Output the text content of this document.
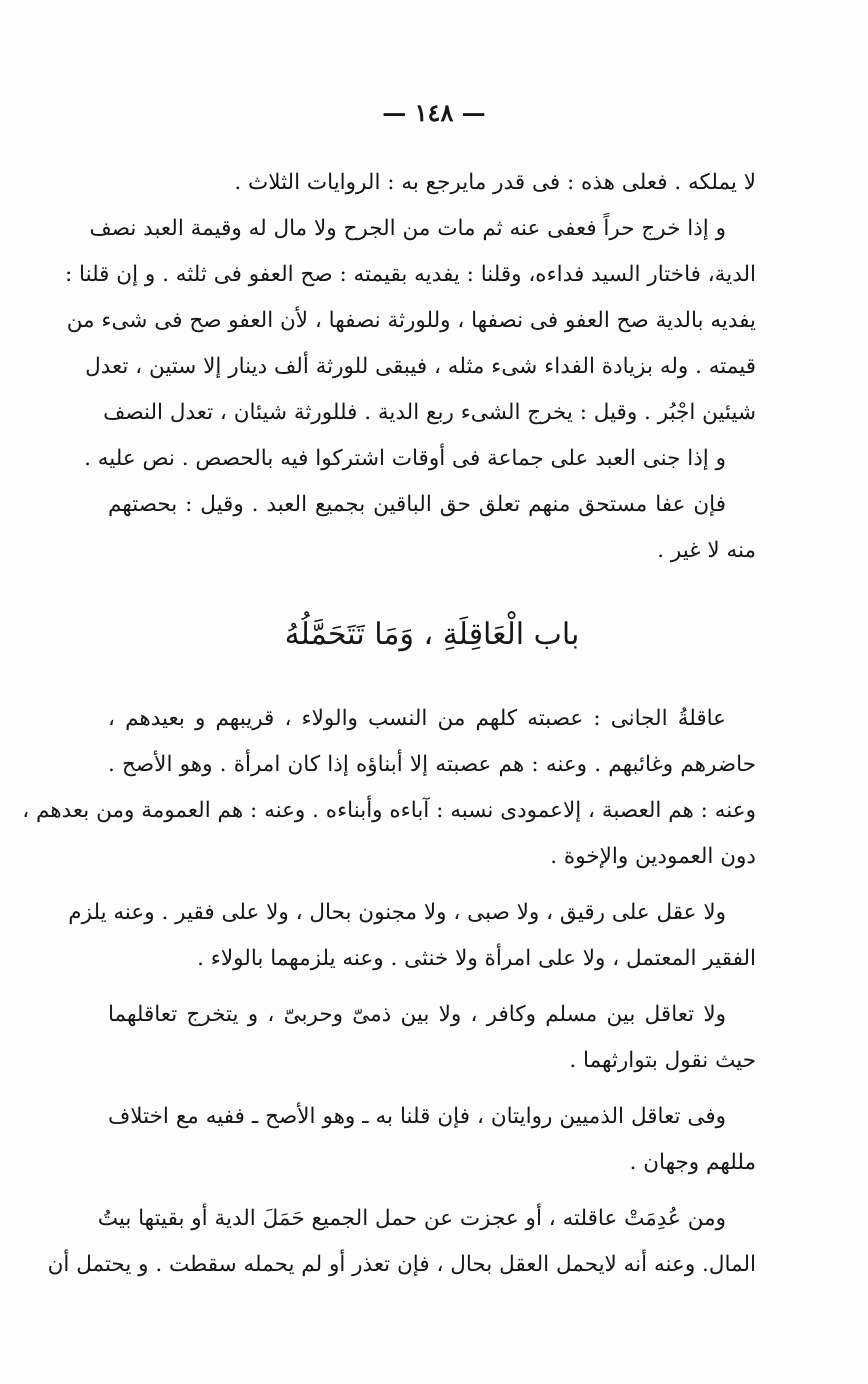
— ١٤٨ —
لا يملكه . فعلى هذه : فى قدر مايرجع به : الروايات الثلاث .
و إذا خرج حراً فعفى عنه ثم مات من الجرح ولا مال له وقيمة العبد نصف
الدية، فاختار السيد فداءه، وقلنا : يفديه بقيمته : صح العفو فى ثلثه . و إن قلنا :
يفديه بالدية صح العفو فى نصفها ، وللورثة نصفها ، لأن العفو صح فى شىء من
قيمته . وله بزيادة الفداء شىء مثله ، فيبقى للورثة ألف دينار إلا ستين ، تعدل
شيئين اجْبُر . وقيل : يخرج الشىء ربع الدية . فللورثة شيئان ، تعدل النصف
و إذا جنى العبد على جماعة فى أوقات اشتركوا فيه بالحصص . نص عليه .
فإن عفا مستحق منهم تعلق حق الباقين بجميع العبد . وقيل : بحصتهم
منه لا غير .
باب الْعَاقِلَةِ ، وَمَا تَتَحَمَّلُهُ
عاقلةُ الجانى : عصبته كلهم من النسب والولاء ، قريبهم و بعيدهم ،
حاضرهم وغائبهم . وعنه : هم عصبته إلا أبناؤه إذا كان امرأة . وهو الأصح .
وعنه : هم العصبة ، إلاعمودى نسبه : آباءه وأبناءه . وعنه : هم العمومة ومن بعدهم ،
دون العمودين والإخوة .
ولا عقل على رقيق ، ولا صبى ، ولا مجنون بحال ، ولا على فقير . وعنه يلزم
الفقير المعتمل ، ولا على امرأة ولا خنثى . وعنه يلزمهما بالولاء .
ولا تعاقل بين مسلم وكافر ، ولا بين ذمىّ وحربىّ ، و يتخرج تعاقلهما
حيث نقول بتوارثهما .
وفى تعاقل الذميين روايتان ، فإن قلنا به ـ وهو الأصح ـ ففيه مع اختلاف
مللهم وجهان .
ومن عُدِمَتْ عاقلته ، أو عجزت عن حمل الجميع حَمَلَ الدية أو بقيتها بيتُ
المال. وعنه أنه لايحمل العقل بحال ، فإن تعذر أو لم يحمله سقطت . و يحتمل أن
